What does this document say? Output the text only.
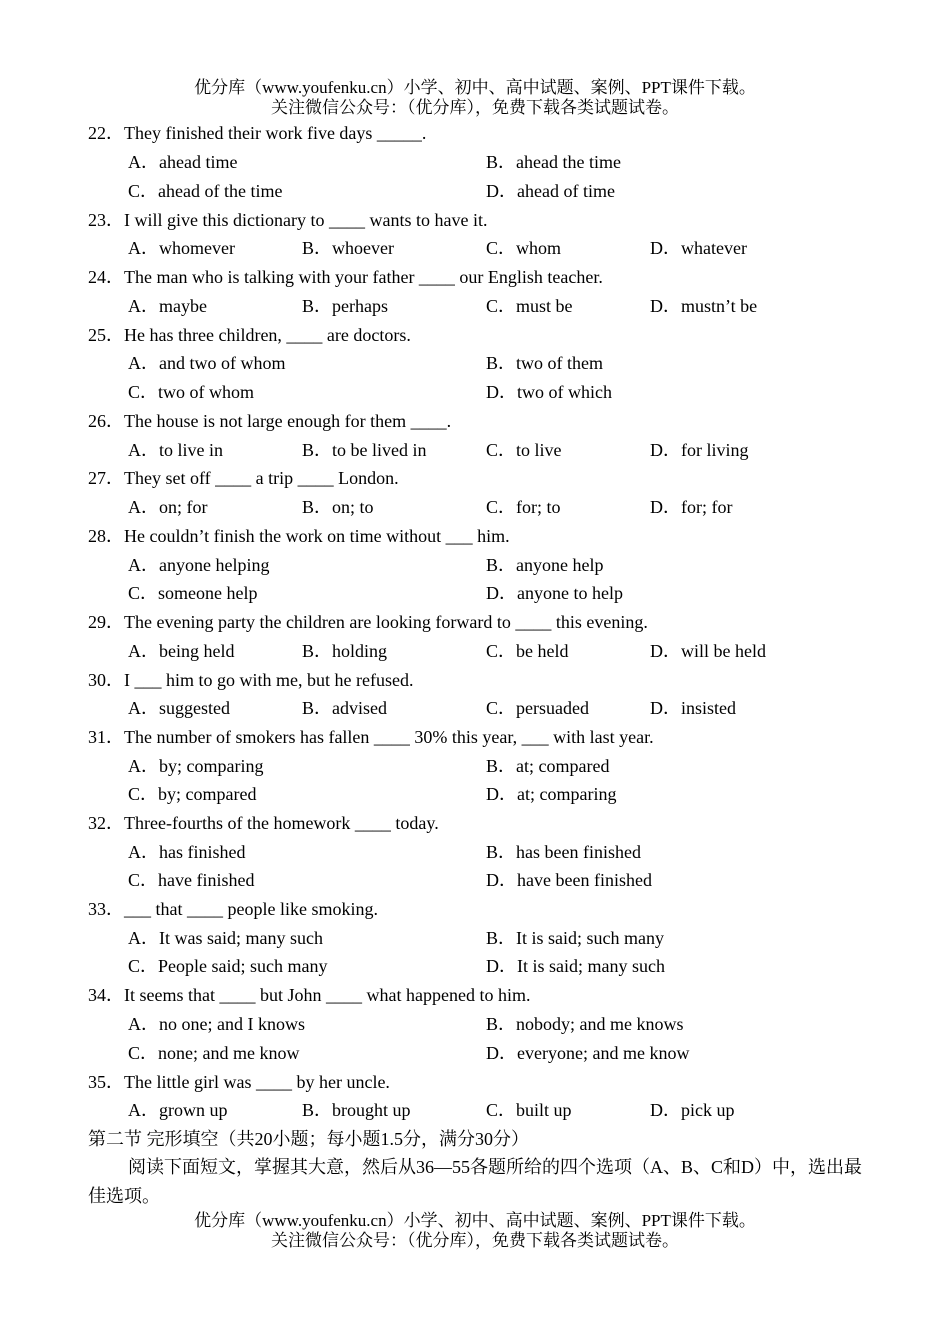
优分库（www.youfenku.cn）小学、初中、高中试题、案例、PPT课件下载。
关注微信公众号：（优分库），免费下载各类试题试卷。
22．They finished their work five days _____.
A．ahead time	B．ahead the time
C．ahead of the time	D．ahead of time
23．I will give this dictionary to ____ wants to have it.
A．whomever	B．whoever	C．whom	D．whatever
24．The man who is talking with your father ____ our English teacher.
A．maybe	B．perhaps	C．must be	D．mustn’t be
25．He has three children, ____ are doctors.
A．and two of whom	B．two of them
C．two of whom	D．two of which
26．The house is not large enough for them ____.
A．to live in	B．to be lived in	C．to live	D．for living
27．They set off ____ a trip ____ London.
A．on; for	B．on; to	C．for; to	D．for; for
28．He couldn’t finish the work on time without ___ him.
A．anyone helping	B．anyone help
C．someone help	D．anyone to help
29．The evening party the children are looking forward to ____ this evening.
A．being held	B．holding	C．be held	D．will be held
30．I ___ him to go with me, but he refused.
A．suggested	B．advised	C．persuaded	D．insisted
31．The number of smokers has fallen ____ 30% this year, ___ with last year.
A．by; comparing	B．at; compared
C．by; compared	D．at; comparing
32．Three-fourths of the homework ____ today.
A．has finished	B．has been finished
C．have finished	D．have been finished
33．___ that ____ people like smoking.
A．It was said; many such	B．It is said; such many
C．People said; such many	D．It is said; many such
34．It seems that ____ but John ____ what happened to him.
A．no one; and I knows	B．nobody; and me knows
C．none; and me know	D．everyone; and me know
35．The little girl was ____ by her uncle.
A．grown up	B．brought up	C．built up	D．pick up
第二节 完形填空（共20小题；每小题1.5分，满分30分）
阅读下面短文，掌握其大意，然后从36—55各题所给的四个选项（A、B、C和D）中，选出最佳选项。
优分库（www.youfenku.cn）小学、初中、高中试题、案例、PPT课件下载。
关注微信公众号：（优分库），免费下载各类试题试卷。
